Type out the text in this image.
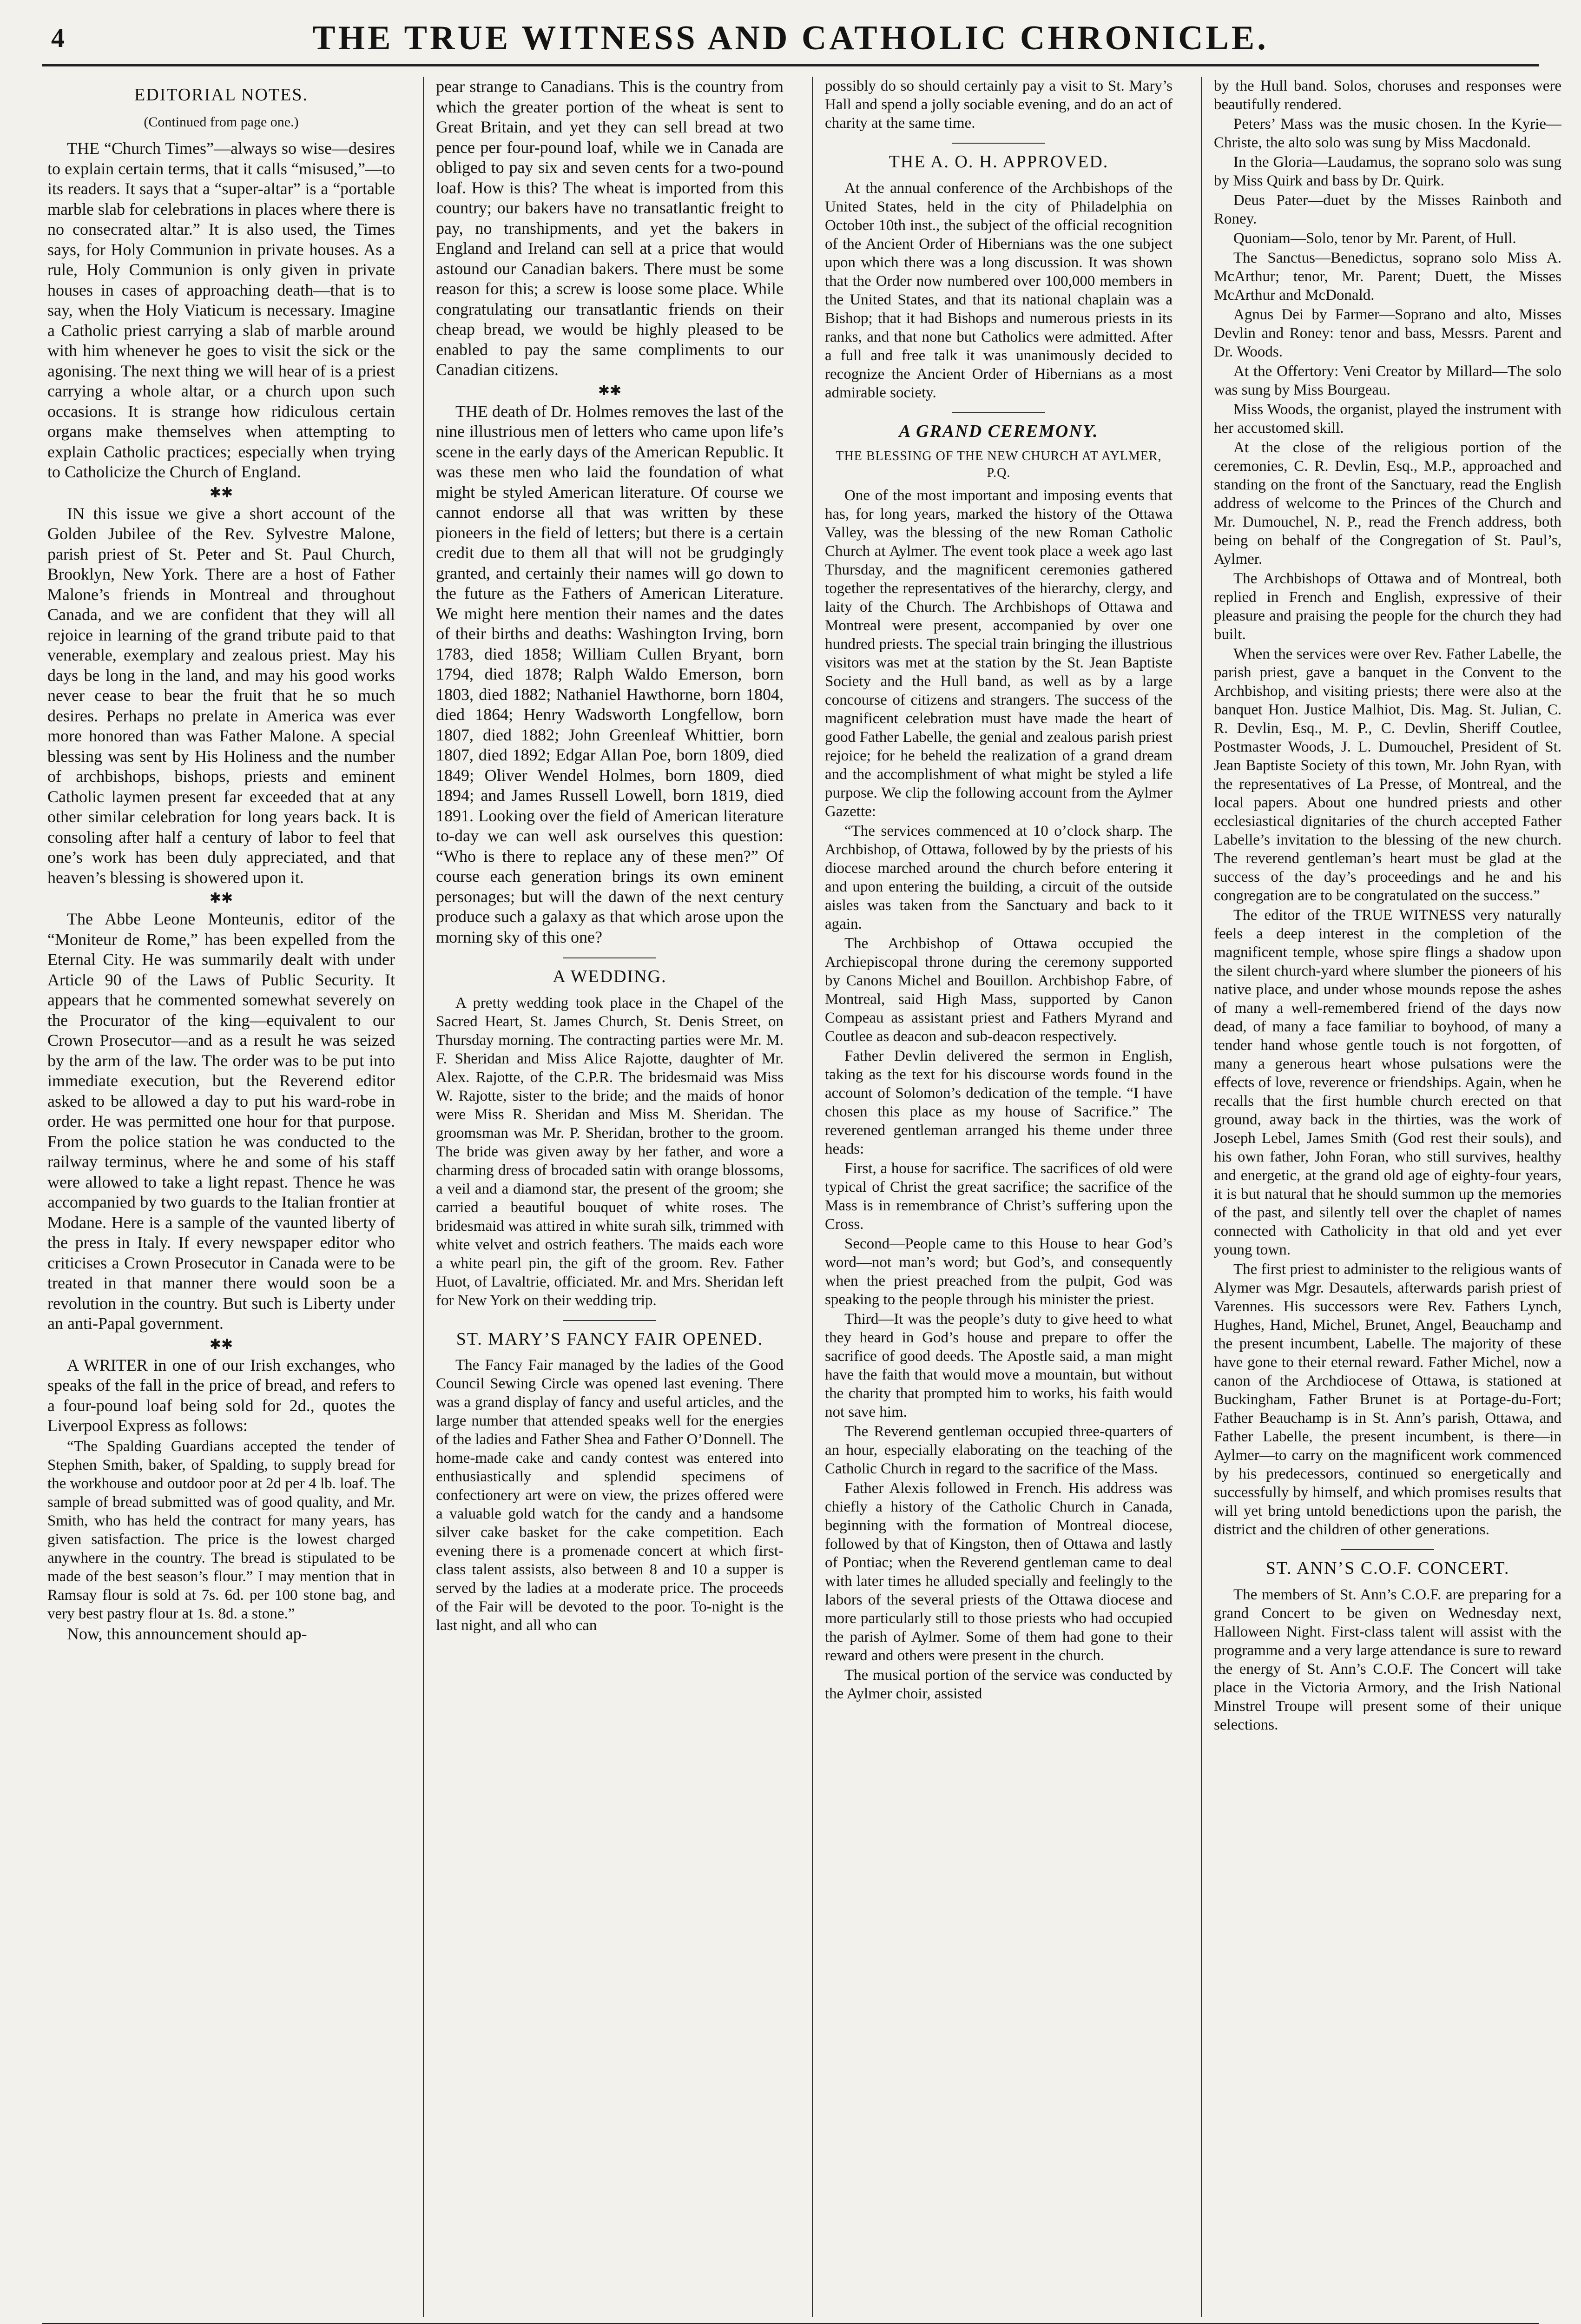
4	THE TRUE WITNESS AND CATHOLIC CHRONICLE.
EDITORIAL NOTES.
(Continued from page one.)

THE “Church Times”—always so wise—desires to explain certain terms, that it calls “misused,”—to its readers. It says that a “super-altar” is a “portable marble slab for celebrations in places where there is no consecrated altar.” It is also used, the Times says, for Holy Communion in private houses. As a rule, Holy Communion is only given in private houses in cases of approaching death—that is to say, when the Holy Viaticum is necessary. Imagine a Catholic priest carrying a slab of marble around with him whenever he goes to visit the sick or the agonising. The next thing we will hear of is a priest carrying a whole altar, or a church upon such occasions. It is strange how ridiculous certain organs make themselves when attempting to explain Catholic practices; especially when trying to Catholicize the Church of England.

✱✱

IN this issue we give a short account of the Golden Jubilee of the Rev. Sylvestre Malone, parish priest of St. Peter and St. Paul Church, Brooklyn, New York. There are a host of Father Malone’s friends in Montreal and throughout Canada, and we are confident that they will all rejoice in learning of the grand tribute paid to that venerable, exemplary and zealous priest. May his days be long in the land, and may his good works never cease to bear the fruit that he so much desires. Perhaps no prelate in America was ever more honored than was Father Malone. A special blessing was sent by His Holiness and the number of archbishops, bishops, priests and eminent Catholic laymen present far exceeded that at any other similar celebration for long years back. It is consoling after half a century of labor to feel that one’s work has been duly appreciated, and that heaven’s blessing is showered upon it.

✱✱

The Abbe Leone Monteunis, editor of the “Moniteur de Rome,” has been expelled from the Eternal City. He was summarily dealt with under Article 90 of the Laws of Public Security. It appears that he commented somewhat severely on the Procurator of the king—equivalent to our Crown Prosecutor—and as a result he was seized by the arm of the law. The order was to be put into immediate execution, but the Reverend editor asked to be allowed a day to put his ward-robe in order. He was permitted one hour for that purpose. From the police station he was conducted to the railway terminus, where he and some of his staff were allowed to take a light repast. Thence he was accompanied by two guards to the Italian frontier at Modane. Here is a sample of the vaunted liberty of the press in Italy. If every newspaper editor who criticises a Crown Prosecutor in Canada were to be treated in that manner there would soon be a revolution in the country. But such is Liberty under an anti-Papal government.

✱✱

A WRITER in one of our Irish exchanges, who speaks of the fall in the price of bread, and refers to a four-pound loaf being sold for 2d., quotes the Liverpool Express as follows:

“The Spalding Guardians accepted the tender of Stephen Smith, baker, of Spalding, to supply bread for the workhouse and outdoor poor at 2d per 4 lb. loaf. The sample of bread submitted was of good quality, and Mr. Smith, who has held the contract for many years, has given satisfaction. The price is the lowest charged anywhere in the country. The bread is stipulated to be made of the best season’s flour.” I may mention that in Ramsay flour is sold at 7s. 6d. per 100 stone bag, and very best pastry flour at 1s. 8d. a stone.”

Now, this announcement should ap-

pear strange to Canadians. This is the country from which the greater portion of the wheat is sent to Great Britain, and yet they can sell bread at two pence per four-pound loaf, while we in Canada are obliged to pay six and seven cents for a two-pound loaf. How is this? The wheat is imported from this country; our bakers have no transatlantic freight to pay, no transhipments, and yet the bakers in England and Ireland can sell at a price that would astound our Canadian bakers. There must be some reason for this; a screw is loose some place. While congratulating our transatlantic friends on their cheap bread, we would be highly pleased to be enabled to pay the same compliments to our Canadian citizens.

✱✱

THE death of Dr. Holmes removes the last of the nine illustrious men of letters who came upon life’s scene in the early days of the American Republic. It was these men who laid the foundation of what might be styled American literature. Of course we cannot endorse all that was written by these pioneers in the field of letters; but there is a certain credit due to them all that will not be grudgingly granted, and certainly their names will go down to the future as the Fathers of American Literature. We might here mention their names and the dates of their births and deaths: Washington Irving, born 1783, died 1858; William Cullen Bryant, born 1794, died 1878; Ralph Waldo Emerson, born 1803, died 1882; Nathaniel Hawthorne, born 1804, died 1864; Henry Wadsworth Longfellow, born 1807, died 1882; John Greenleaf Whittier, born 1807, died 1892; Edgar Allan Poe, born 1809, died 1849; Oliver Wendel Holmes, born 1809, died 1894; and James Russell Lowell, born 1819, died 1891. Looking over the field of American literature to-day we can well ask ourselves this question: “Who is there to replace any of these men?” Of course each generation brings its own eminent personages; but will the dawn of the next century produce such a galaxy as that which arose upon the morning sky of this one?

A WEDDING.

A pretty wedding took place in the Chapel of the Sacred Heart, St. James Church, St. Denis Street, on Thursday morning. The contracting parties were Mr. M. F. Sheridan and Miss Alice Rajotte, daughter of Mr. Alex. Rajotte, of the C.P.R. The bridesmaid was Miss W. Rajotte, sister to the bride; and the maids of honor were Miss R. Sheridan and Miss M. Sheridan. The groomsman was Mr. P. Sheridan, brother to the groom. The bride was given away by her father, and wore a charming dress of brocaded satin with orange blossoms, a veil and a diamond star, the present of the groom; she carried a beautiful bouquet of white roses. The bridesmaid was attired in white surah silk, trimmed with white velvet and ostrich feathers. The maids each wore a white pearl pin, the gift of the groom. Rev. Father Huot, of Lavaltrie, officiated. Mr. and Mrs. Sheridan left for New York on their wedding trip.

ST. MARY’S FANCY FAIR OPENED.

The Fancy Fair managed by the ladies of the Good Council Sewing Circle was opened last evening. There was a grand display of fancy and useful articles, and the large number that attended speaks well for the energies of the ladies and Father Shea and Father O’Donnell. The home-made cake and candy contest was entered into enthusiastically and splendid specimens of confectionery art were on view, the prizes offered were a valuable gold watch for the candy and a handsome silver cake basket for the cake competition. Each evening there is a promenade concert at which first-class talent assists, also between 8 and 10 a supper is served by the ladies at a moderate price. The proceeds of the Fair will be devoted to the poor. To-night is the last night, and all who can

possibly do so should certainly pay a visit to St. Mary’s Hall and spend a jolly sociable evening, and do an act of charity at the same time.

THE A. O. H. APPROVED.

At the annual conference of the Archbishops of the United States, held in the city of Philadelphia on October 10th inst., the subject of the official recognition of the Ancient Order of Hibernians was the one subject upon which there was a long discussion. It was shown that the Order now numbered over 100,000 members in the United States, and that its national chaplain was a Bishop; that it had Bishops and numerous priests in its ranks, and that none but Catholics were admitted. After a full and free talk it was unanimously decided to recognize the Ancient Order of Hibernians as a most admirable society.

A GRAND CEREMONY.
THE BLESSING OF THE NEW CHURCH AT AYLMER, P.Q.

One of the most important and imposing events that has, for long years, marked the history of the Ottawa Valley, was the blessing of the new Roman Catholic Church at Aylmer. The event took place a week ago last Thursday, and the magnificent ceremonies gathered together the representatives of the hierarchy, clergy, and laity of the Church. The Archbishops of Ottawa and Montreal were present, accompanied by over one hundred priests. The special train bringing the illustrious visitors was met at the station by the St. Jean Baptiste Society and the Hull band, as well as by a large concourse of citizens and strangers. The success of the magnificent celebration must have made the heart of good Father Labelle, the genial and zealous parish priest rejoice; for he beheld the realization of a grand dream and the accomplishment of what might be styled a life purpose. We clip the following account from the Aylmer Gazette:

“The services commenced at 10 o’clock sharp. The Archbishop, of Ottawa, followed by by the priests of his diocese marched around the church before entering it and upon entering the building, a circuit of the outside aisles was taken from the Sanctuary and back to it again.

The Archbishop of Ottawa occupied the Archiepiscopal throne during the ceremony supported by Canons Michel and Bouillon. Archbishop Fabre, of Montreal, said High Mass, supported by Canon Compeau as assistant priest and Fathers Myrand and Coutlee as deacon and sub-deacon respectively.

Father Devlin delivered the sermon in English, taking as the text for his discourse words found in the account of Solomon’s dedication of the temple. “I have chosen this place as my house of Sacrifice.” The reverened gentleman arranged his theme under three heads:

First, a house for sacrifice. The sacrifices of old were typical of Christ the great sacrifice; the sacrifice of the Mass is in remembrance of Christ’s suffering upon the Cross.

Second—People came to this House to hear God’s word—not man’s word; but God’s, and consequently when the priest preached from the pulpit, God was speaking to the people through his minister the priest.

Third—It was the people’s duty to give heed to what they heard in God’s house and prepare to offer the sacrifice of good deeds. The Apostle said, a man might have the faith that would move a mountain, but without the charity that prompted him to works, his faith would not save him.

The Reverend gentleman occupied three-quarters of an hour, especially elaborating on the teaching of the Catholic Church in regard to the sacrifice of the Mass.

Father Alexis followed in French. His address was chiefly a history of the Catholic Church in Canada, beginning with the formation of Montreal diocese, followed by that of Kingston, then of Ottawa and lastly of Pontiac; when the Reverend gentleman came to deal with later times he alluded specially and feelingly to the labors of the several priests of the Ottawa diocese and more particularly still to those priests who had occupied the parish of Aylmer. Some of them had gone to their reward and others were present in the church.

The musical portion of the service was conducted by the Aylmer choir, assisted

by the Hull band. Solos, choruses and responses were beautifully rendered.

Peters’ Mass was the music chosen. In the Kyrie—Christe, the alto solo was sung by Miss Macdonald.

In the Gloria—Laudamus, the soprano solo was sung by Miss Quirk and bass by Dr. Quirk.

Deus Pater—duet by the Misses Rainboth and Roney.

Quoniam—Solo, tenor by Mr. Parent, of Hull.

The Sanctus—Benedictus, soprano solo Miss A. McArthur; tenor, Mr. Parent; Duett, the Misses McArthur and McDonald.

Agnus Dei by Farmer—Soprano and alto, Misses Devlin and Roney: tenor and bass, Messrs. Parent and Dr. Woods.

At the Offertory: Veni Creator by Millard—The solo was sung by Miss Bourgeau.

Miss Woods, the organist, played the instrument with her accustomed skill.

At the close of the religious portion of the ceremonies, C. R. Devlin, Esq., M.P., approached and standing on the front of the Sanctuary, read the English address of welcome to the Princes of the Church and Mr. Dumouchel, N. P., read the French address, both being on behalf of the Congregation of St. Paul’s, Aylmer.

The Archbishops of Ottawa and of Montreal, both replied in French and English, expressive of their pleasure and praising the people for the church they had built.

When the services were over Rev. Father Labelle, the parish priest, gave a banquet in the Convent to the Archbishop, and visiting priests; there were also at the banquet Hon. Justice Malhiot, Dis. Mag. St. Julian, C. R. Devlin, Esq., M. P., C. Devlin, Sheriff Coutlee, Postmaster Woods, J. L. Dumouchel, President of St. Jean Baptiste Society of this town, Mr. John Ryan, with the representatives of La Presse, of Montreal, and the local papers. About one hundred priests and other ecclesiastical dignitaries of the church accepted Father Labelle’s invitation to the blessing of the new church. The reverend gentleman’s heart must be glad at the success of the day’s proceedings and he and his congregation are to be congratulated on the success.”

The editor of the TRUE WITNESS very naturally feels a deep interest in the completion of the magnificent temple, whose spire flings a shadow upon the silent church-yard where slumber the pioneers of his native place, and under whose mounds repose the ashes of many a well-remembered friend of the days now dead, of many a face familiar to boyhood, of many a tender hand whose gentle touch is not forgotten, of many a generous heart whose pulsations were the effects of love, reverence or friendships. Again, when he recalls that the first humble church erected on that ground, away back in the thirties, was the work of Joseph Lebel, James Smith (God rest their souls), and his own father, John Foran, who still survives, healthy and energetic, at the grand old age of eighty-four years, it is but natural that he should summon up the memories of the past, and silently tell over the chaplet of names connected with Catholicity in that old and yet ever young town.

The first priest to administer to the religious wants of Alymer was Mgr. Desautels, afterwards parish priest of Varennes. His successors were Rev. Fathers Lynch, Hughes, Hand, Michel, Brunet, Angel, Beauchamp and the present incumbent, Labelle. The majority of these have gone to their eternal reward. Father Michel, now a canon of the Archdiocese of Ottawa, is stationed at Buckingham, Father Brunet is at Portage-du-Fort; Father Beauchamp is in St. Ann’s parish, Ottawa, and Father Labelle, the present incumbent, is there—in Aylmer—to carry on the magnificent work commenced by his predecessors, continued so energetically and successfully by himself, and which promises results that will yet bring untold benedictions upon the parish, the district and the children of other generations.

ST. ANN’S C.O.F. CONCERT.

The members of St. Ann’s C.O.F. are preparing for a grand Concert to be given on Wednesday next, Halloween Night. First-class talent will assist with the programme and a very large attendance is sure to reward the energy of St. Ann’s C.O.F. The Concert will take place in the Victoria Armory, and the Irish National Minstrel Troupe will present some of their unique selections.
